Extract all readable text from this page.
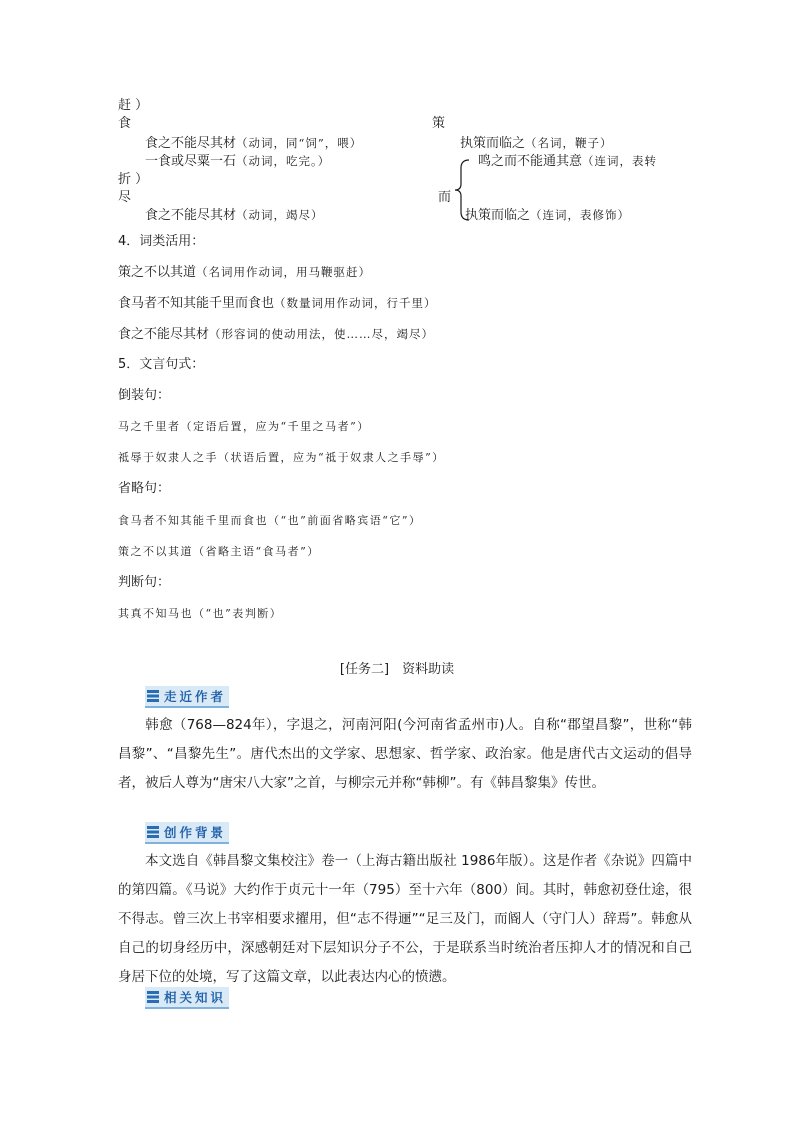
赶 ）
食
食之不能尽其材（动词，同“饲”，喂）
一食或尽粟一石（动词，吃完。）
折 ）
尽
食之不能尽其材（动词，竭尽）
策
执策而临之（名词，鞭子）
而
鸣之而不能通其意（连词，表转
执策而临之（连词，表修饰）
4．词类活用：
策之不以其道（名词用作动词，用马鞭驱赶）
食马者不知其能千里而食也（数量词用作动词，行千里）
食之不能尽其材（形容词的使动用法，使……尽，竭尽）
5．文言句式：
倒装句：
马之千里者（定语后置，应为“千里之马者”）
祗辱于奴隶人之手（状语后置，应为“祗于奴隶人之手辱”）
省略句：
食马者不知其能千里而食也（“也”前面省略宾语“它”）
策之不以其道（省略主语“食马者”）
判断句：
其真不知马也（“也”表判断）
[任务二]　资料助读
走近作者
韩愈（768—824年），字退之，河南河阳(今河南省孟州市)人。自称“郡望昌黎”，世称“韩昌黎”、“昌黎先生”。唐代杰出的文学家、思想家、哲学家、政治家。他是唐代古文运动的倡导者，被后人尊为“唐宋八大家”之首，与柳宗元并称“韩柳”。有《韩昌黎集》传世。
创作背景
本文选自《韩昌黎文集校注》卷一（上海古籍出版社 1986年版）。这是作者《杂说》四篇中的第四篇。《马说》大约作于贞元十一年（795）至十六年（800）间。其时，韩愈初登仕途，很不得志。曾三次上书宰相要求擢用，但“志不得逦”“足三及门，而阍人（守门人）辞焉”。韩愈从自己的切身经历中，深感朝廷对下层知识分子不公，于是联系当时统治者压抑人才的情况和自己身居下位的处境，写了这篇文章，以此表达内心的愤懑。
相关知识
